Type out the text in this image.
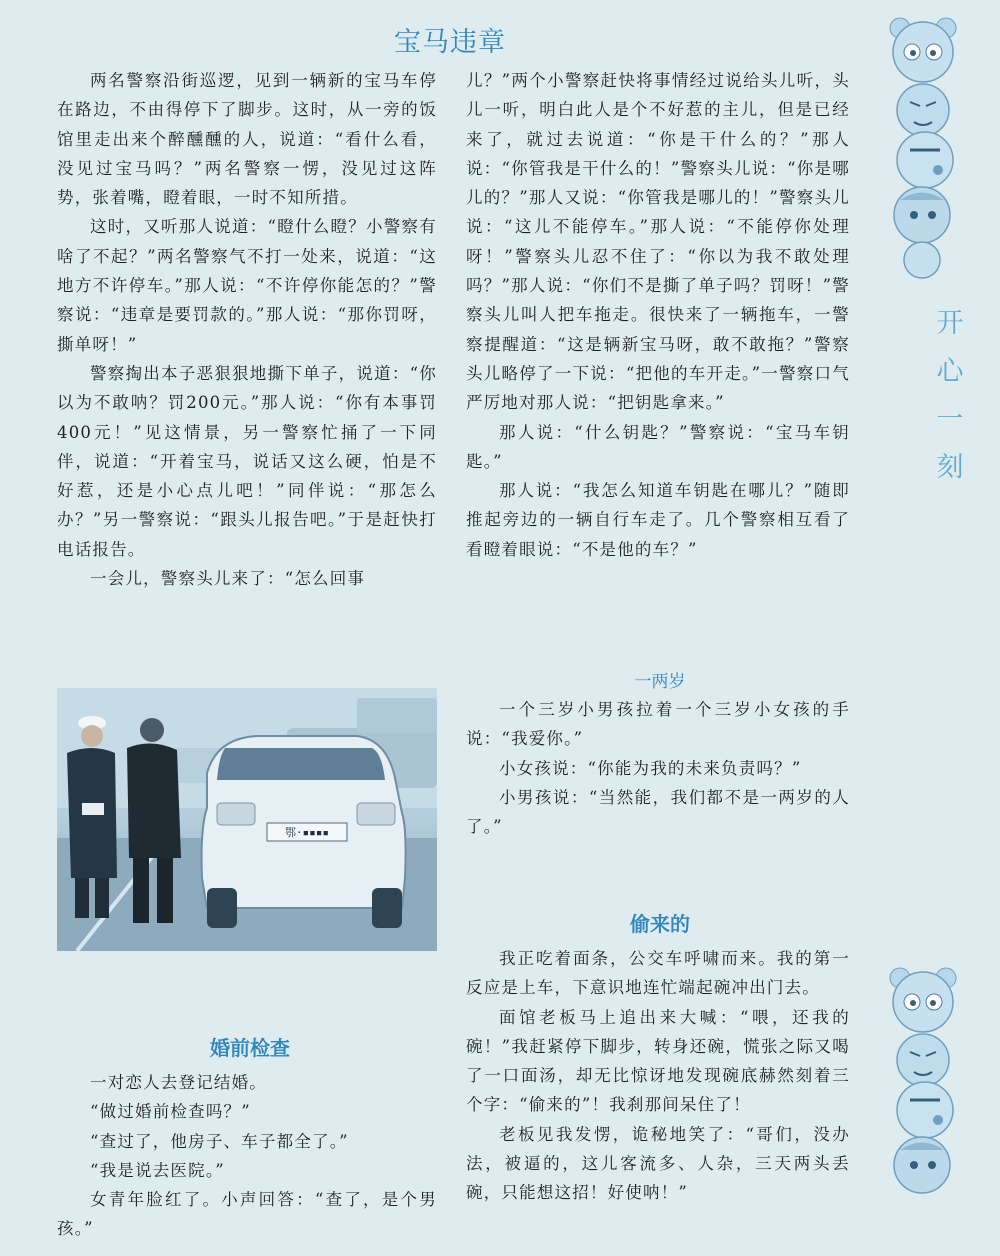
宝马违章

两名警察沿街巡逻，见到一辆新的宝马车停在路边，不由得停下了脚步。这时，从一旁的饭馆里走出来个醉醺醺的人，说道：“看什么看，没见过宝马吗？”两名警察一愣，没见过这阵势，张着嘴，瞪着眼，一时不知所措。

这时，又听那人说道：“瞪什么瞪？小警察有啥了不起？”两名警察气不打一处来，说道：“这地方不许停车。”那人说：“不许停你能怎的？”警察说：“违章是要罚款的。”那人说：“那你罚呀，撕单呀！”

警察掏出本子恶狠狠地撕下单子，说道：“你以为不敢呐？罚200元。”那人说：“你有本事罚400元！”见这情景，另一警察忙捅了一下同伴，说道：“开着宝马，说话又这么硬，怕是不好惹，还是小心点儿吧！”同伴说：“那怎么办？”另一警察说：“跟头儿报告吧。”于是赶快打电话报告。

一会儿，警察头儿来了：“怎么回事

儿？”两个小警察赶快将事情经过说给头儿听，头儿一听，明白此人是个不好惹的主儿，但是已经来了，就过去说道：“你是干什么的？”那人说：“你管我是干什么的！”警察头儿说：“你是哪儿的？”那人又说：“你管我是哪儿的！”警察头儿说：“这儿不能停车。”那人说：“不能停你处理呀！”警察头儿忍不住了：“你以为我不敢处理吗？”那人说：“你们不是撕了单子吗？罚呀！”警察头儿叫人把车拖走。很快来了一辆拖车，一警察提醒道：“这是辆新宝马呀，敢不敢拖？”警察头儿略停了一下说：“把他的车开走。”一警察口气严厉地对那人说：“把钥匙拿来。”

那人说：“什么钥匙？”警察说：“宝马车钥匙。”

那人说：“我怎么知道车钥匙在哪儿？”随即推起旁边的一辆自行车走了。几个警察相互看了看瞪着眼说：“不是他的车？”

鄂·▪▪▪▪
一两岁

一个三岁小男孩拉着一个三岁小女孩的手说：“我爱你。”

小女孩说：“你能为我的未来负责吗？”

小男孩说：“当然能，我们都不是一两岁的人了。”

偷来的

我正吃着面条，公交车呼啸而来。我的第一反应是上车，下意识地连忙端起碗冲出门去。

面馆老板马上追出来大喊：“喂，还我的碗！”我赶紧停下脚步，转身还碗，慌张之际又喝了一口面汤，却无比惊讶地发现碗底赫然刻着三个字：“偷来的”！我刹那间呆住了！

老板见我发愣，诡秘地笑了：“哥们，没办法，被逼的，这儿客流多、人杂，三天两头丢碗，只能想这招！好使呐！”

婚前检查

一对恋人去登记结婚。

“做过婚前检查吗？”

“查过了，他房子、车子都全了。”

“我是说去医院。”

女青年脸红了。小声回答：“查了，是个男孩。”

开
心
一
刻
